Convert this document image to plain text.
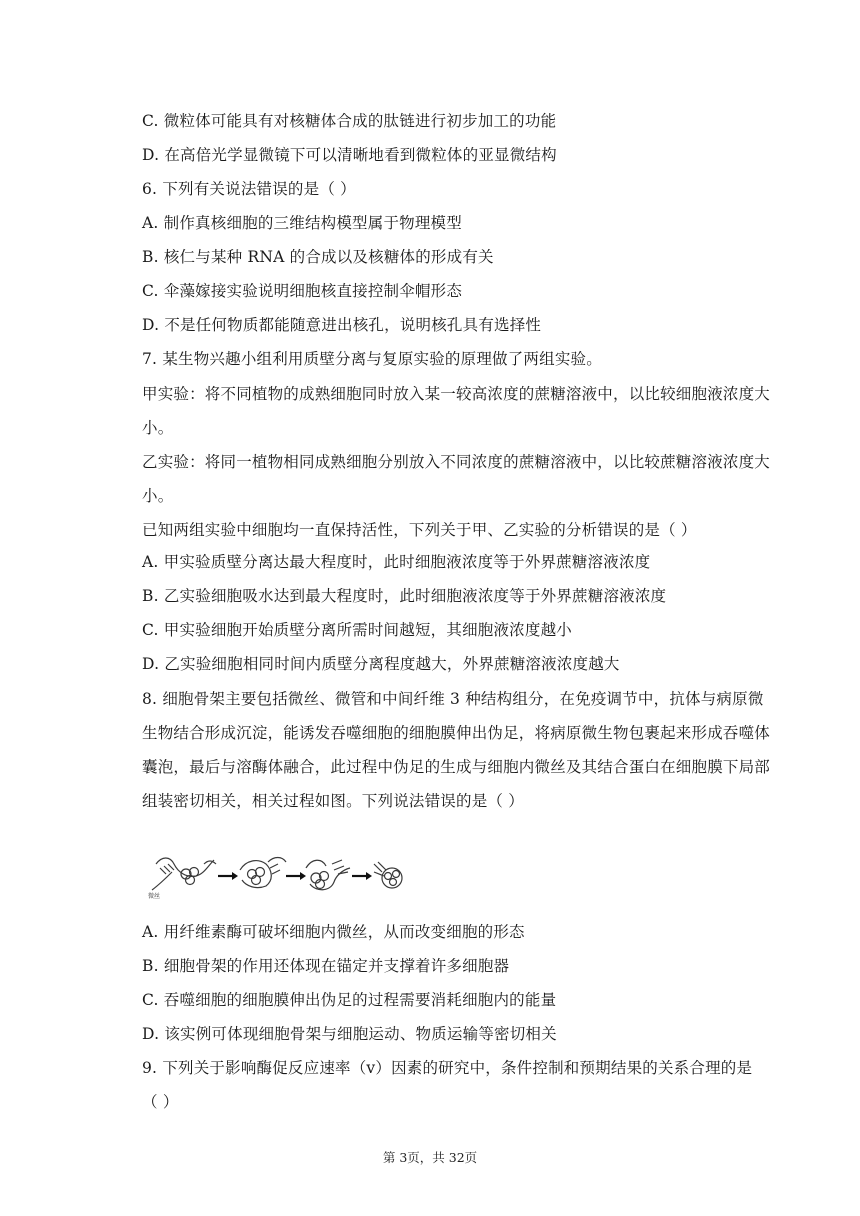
C. 微粒体可能具有对核糖体合成的肽链进行初步加工的功能
D. 在高倍光学显微镜下可以清晰地看到微粒体的亚显微结构
6. 下列有关说法错误的是（ ）
A. 制作真核细胞的三维结构模型属于物理模型
B. 核仁与某种 RNA 的合成以及核糖体的形成有关
C. 伞藻嫁接实验说明细胞核直接控制伞帽形态
D. 不是任何物质都能随意进出核孔，说明核孔具有选择性
7. 某生物兴趣小组利用质壁分离与复原实验的原理做了两组实验。
甲实验：将不同植物的成熟细胞同时放入某一较高浓度的蔗糖溶液中，以比较细胞液浓度大
小。
乙实验：将同一植物相同成熟细胞分别放入不同浓度的蔗糖溶液中，以比较蔗糖溶液浓度大
小。
已知两组实验中细胞均一直保持活性，下列关于甲、乙实验的分析错误的是（ ）
A. 甲实验质壁分离达最大程度时，此时细胞液浓度等于外界蔗糖溶液浓度
B. 乙实验细胞吸水达到最大程度时，此时细胞液浓度等于外界蔗糖溶液浓度
C. 甲实验细胞开始质壁分离所需时间越短，其细胞液浓度越小
D. 乙实验细胞相同时间内质壁分离程度越大，外界蔗糖溶液浓度越大
8. 细胞骨架主要包括微丝、微管和中间纤维 3 种结构组分，在免疫调节中，抗体与病原微
生物结合形成沉淀，能诱发吞噬细胞的细胞膜伸出伪足，将病原微生物包裹起来形成吞噬体
囊泡，最后与溶酶体融合，此过程中伪足的生成与细胞内微丝及其结合蛋白在细胞膜下局部
组装密切相关，相关过程如图。下列说法错误的是（ ）
微丝
A. 用纤维素酶可破坏细胞内微丝，从而改变细胞的形态
B. 细胞骨架的作用还体现在锚定并支撑着许多细胞器
C. 吞噬细胞的细胞膜伸出伪足的过程需要消耗细胞内的能量
D. 该实例可体现细胞骨架与细胞运动、物质运输等密切相关
9. 下列关于影响酶促反应速率（v）因素的研究中，条件控制和预期结果的关系合理的是
（ ）
第 3页，共 32页
